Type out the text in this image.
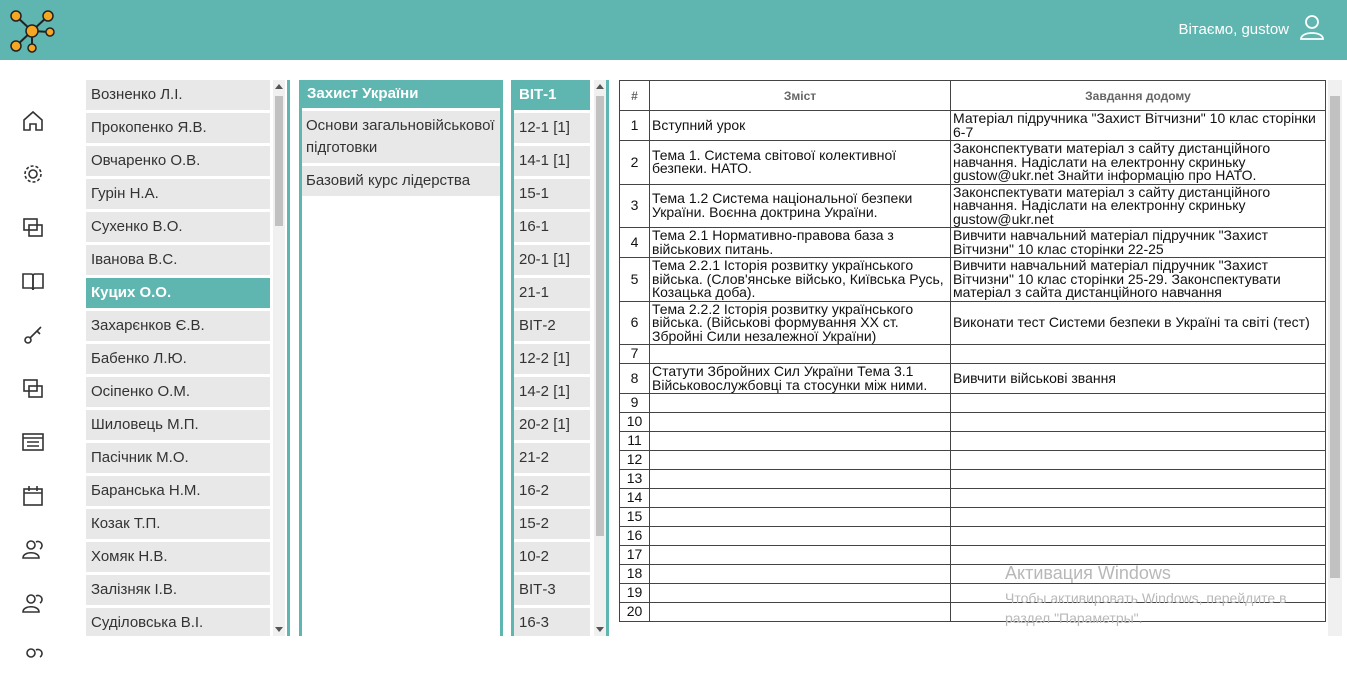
Вітаємо, gustow
Возненко Л.І.
Прокопенко Я.В.
Овчаренко О.В.
Гурін Н.А.
Сухенко В.О.
Іванова В.С.
Куцих О.О.
Захарєнков Є.В.
Бабенко Л.Ю.
Осіпенко О.М.
Шиловець М.П.
Пасічник М.О.
Баранська Н.М.
Козак Т.П.
Хомяк Н.В.
Залізняк І.В.
Суділовська В.І.
Захист України
Основи загальновійськової підготовки
Базовий курс лідерства
ВІТ-1
12-1 [1]
14-1 [1]
15-1
16-1
20-1 [1]
21-1
ВІТ-2
12-2 [1]
14-2 [1]
20-2 [1]
21-2
16-2
15-2
10-2
ВІТ-3
16-3
#	Зміст	Завдання додому
1	Вступний урок	Матеріал підручника "Захист Вітчизни" 10 клас сторінки 6-7
2	Тема 1. Система світової колективної безпеки. НАТО.	Законспектувати матеріал з сайту дистанційного навчання. Надіслати на електронну скриньку gustow@ukr.net Знайти інформацію про НАТО.
3	Тема 1.2 Система національної безпеки України. Воєнна доктрина України.	Законспектувати матеріал з сайту дистанційного навчання. Надіслати на електронну скриньку gustow@ukr.net
4	Тема 2.1 Нормативно-правова база з військових питань.	Вивчити навчальний матеріал підручник "Захист Вітчизни" 10 клас сторінки 22-25
5	Тема 2.2.1 Історія розвитку українського війська. (Слов'янське військо, Київська Русь, Козацька доба).	Вивчити навчальний матеріал підручник "Захист Вітчизни" 10 клас сторінки 25-29. Законспектувати матеріал з сайта дистанційного навчання
6	Тема 2.2.2 Історія розвитку українського війська. (Військові формування ХХ ст. Збройні Сили незалежної України)	Виконати тест Системи безпеки в Україні та світі (тест)
7		
8	Статути Збройних Сил України Тема 3.1 Військовослужбовці та стосунки між ними.	Вивчити військові звання
9		
10		
11		
12		
13		
14		
15		
16		
17		
18		
19		
20		
Активация Windows
Чтобы активировать Windows, перейдите в раздел "Параметры".
